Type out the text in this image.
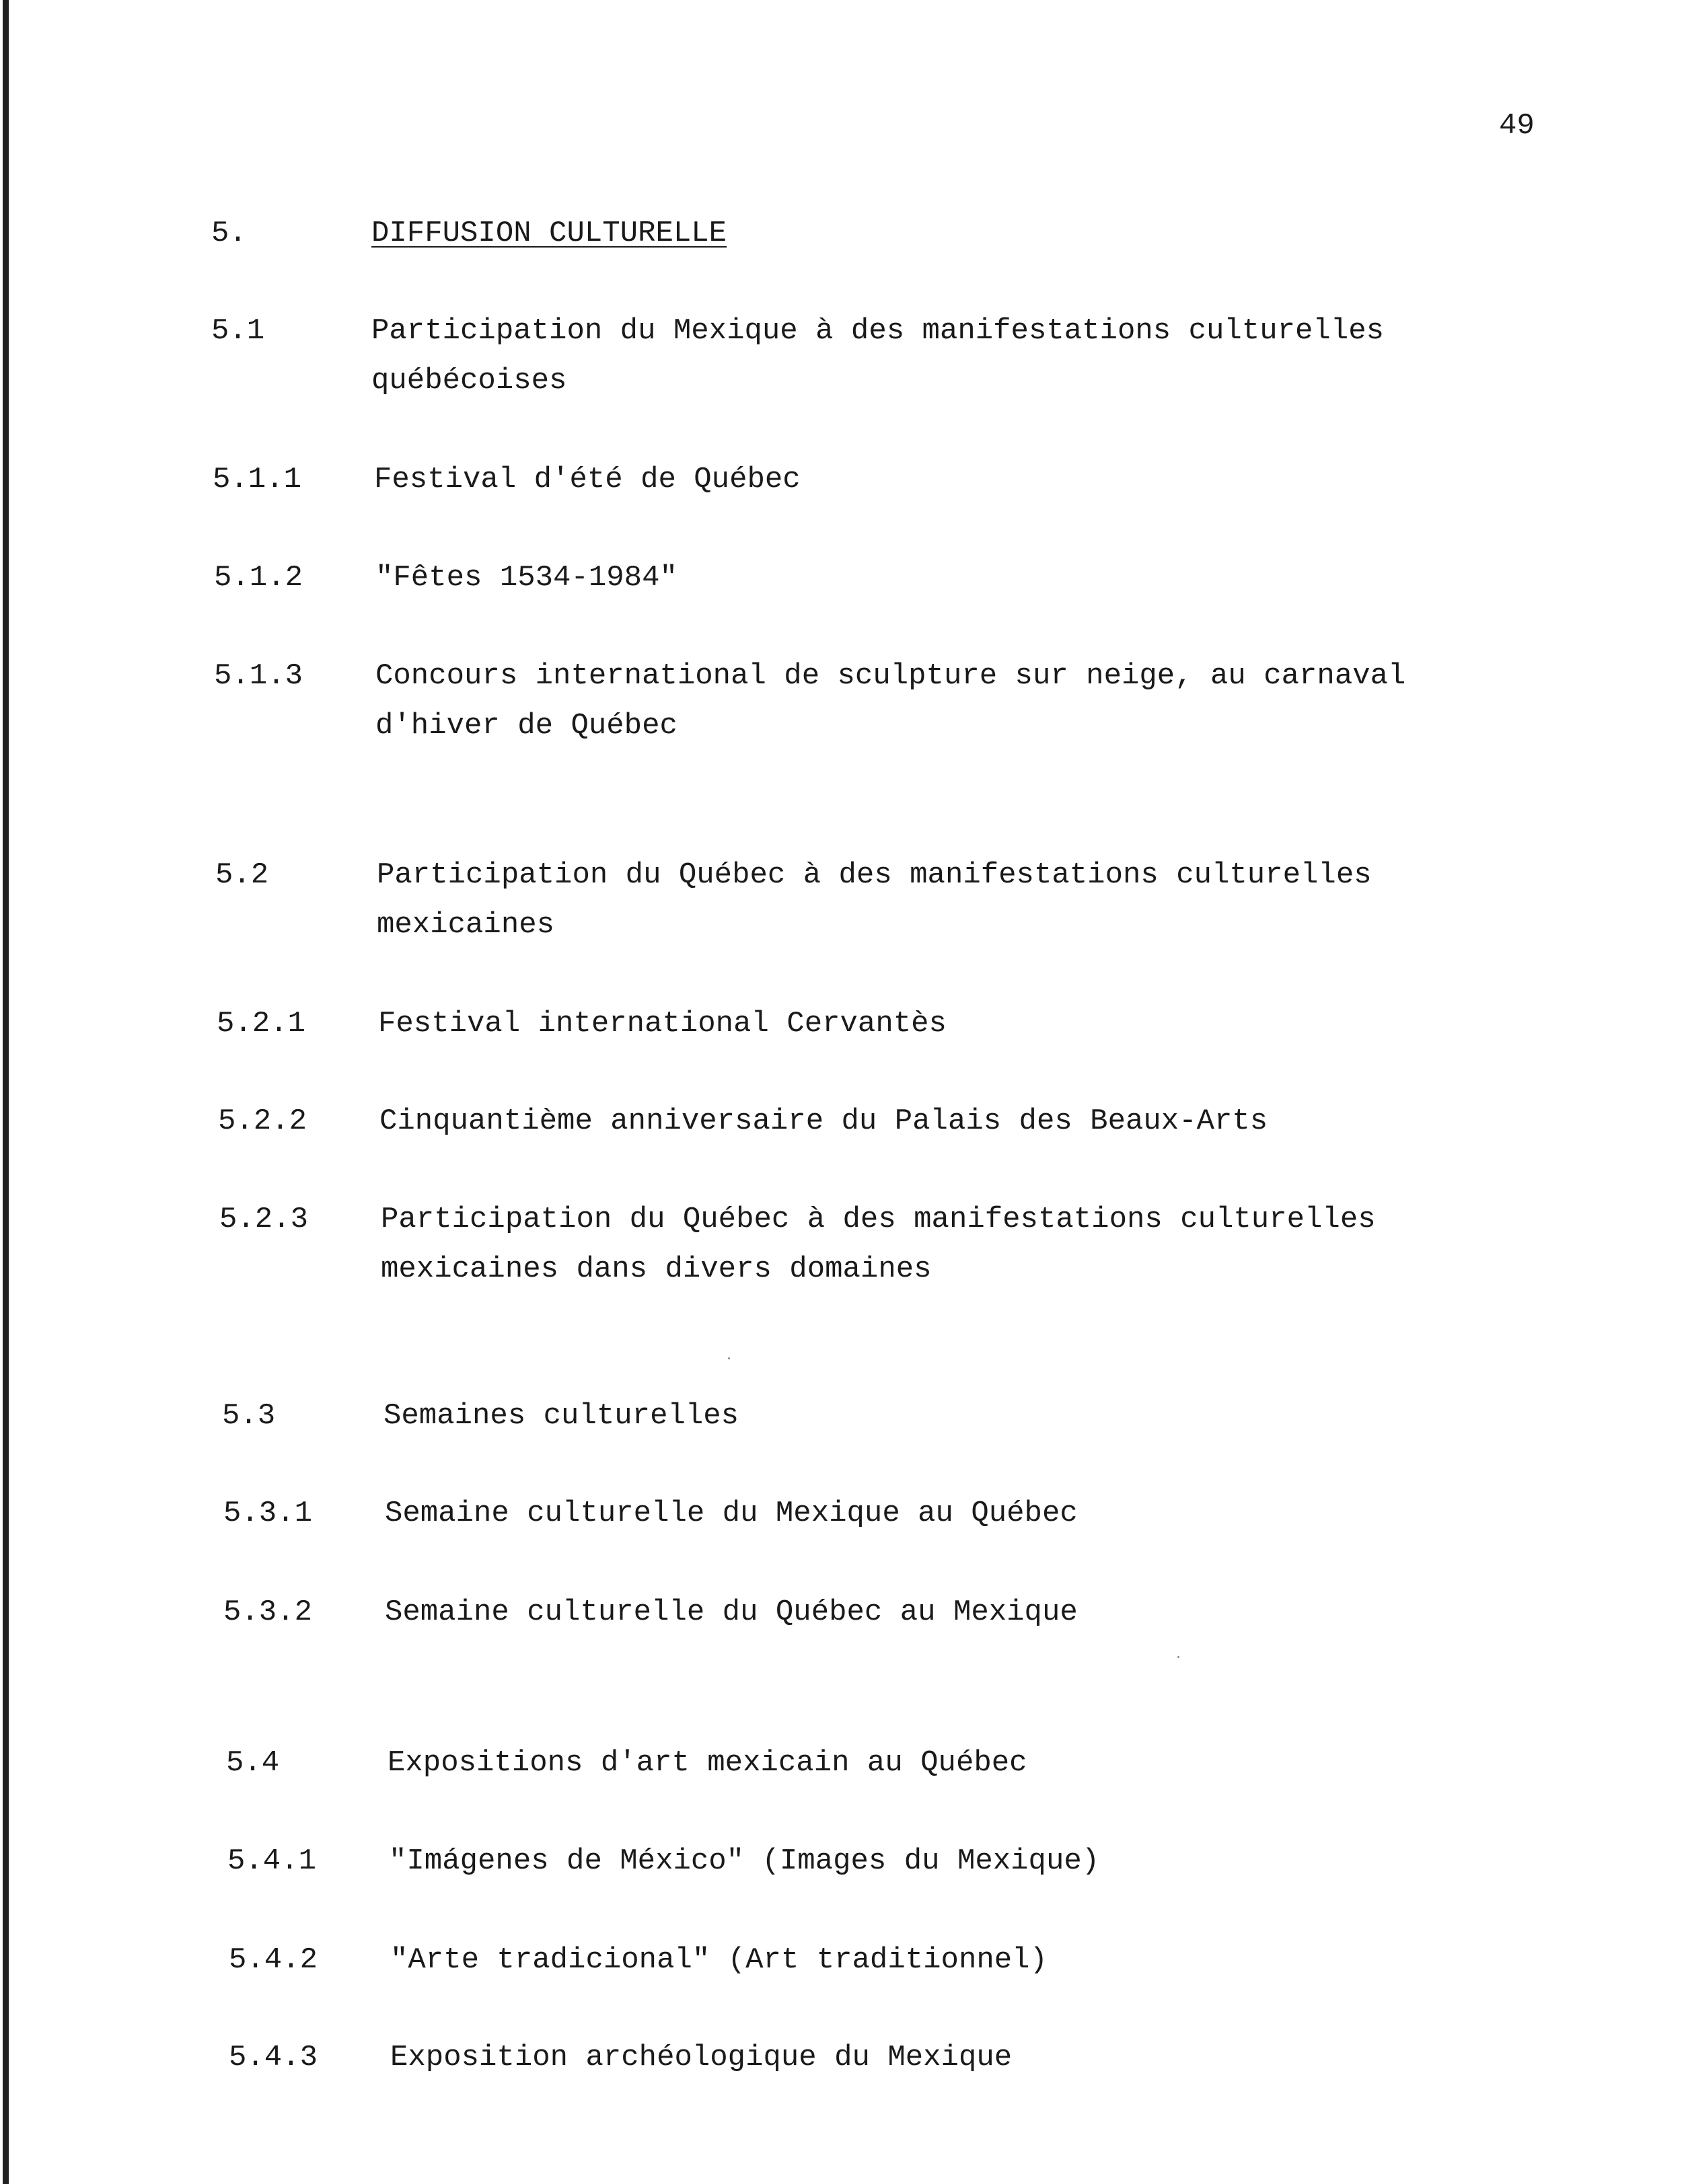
49
5.	DIFFUSION CULTURELLE
5.1	Participation du Mexique à des manifestations culturelles
québécoises
5.1.1 Festival d'été de Québec
5.1.2 "Fêtes 1534-1984"
5.1.3 Concours international de sculpture sur neige, au carnaval
d'hiver de Québec
5.2	Participation du Québec à des manifestations culturelles
mexicaines
5.2.1 Festival international Cervantès
5.2.2 Cinquantième anniversaire du Palais des Beaux-Arts
5.2.3 Participation du Québec à des manifestations culturelles
mexicaines dans divers domaines
5.3	Semaines culturelles
5.3.1 Semaine culturelle du Mexique au Québec
5.3.2 Semaine culturelle du Québec au Mexique
5.4	Expositions d'art mexicain au Québec
5.4.1 "Imágenes de México" (Images du Mexique)
5.4.2 "Arte tradicional" (Art traditionnel)
5.4.3 Exposition archéologique du Mexique
